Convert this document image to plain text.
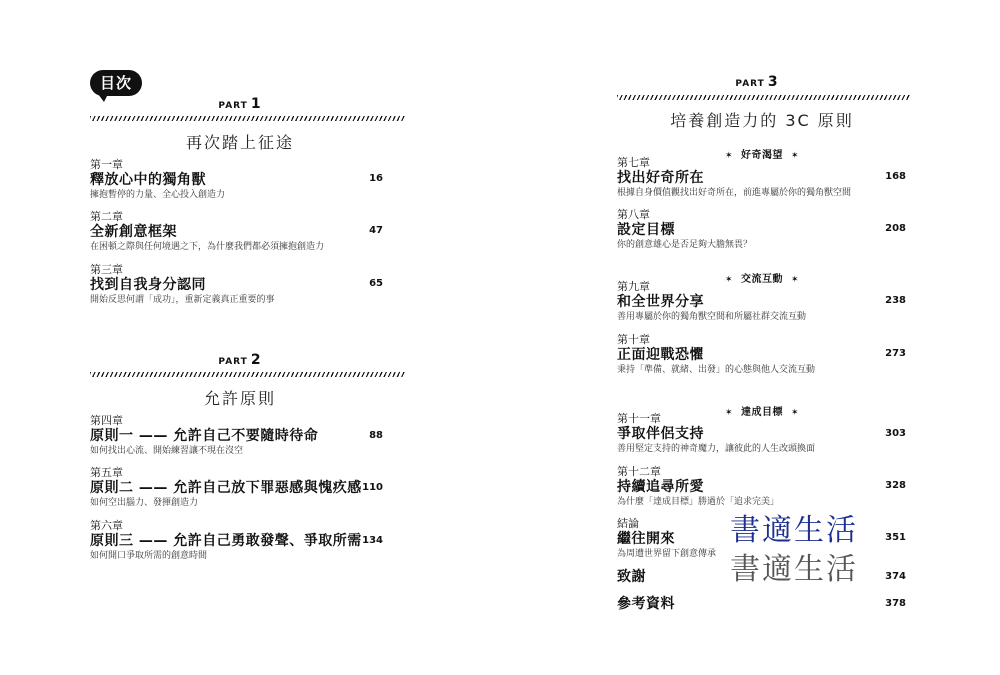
目次
PART 1
再次踏上征途
第一章
釋放心中的獨角獸
擁抱暫停的力量、全心投入創造力
16
第二章
全新創意框架
在困頓之際與任何境遇之下，為什麼我們都必須擁抱創造力
47
第三章
找到自我身分認同
開始反思何謂「成功」，重新定義真正重要的事
65
PART 2
允許原則
第四章
原則一 —— 允許自己不要隨時待命
如何找出心流、開始練習讓不現在沒空
88
第五章
原則二 —— 允許自己放下罪惡感與愧疚感
如何空出腦力、發揮創造力
110
第六章
原則三 —— 允許自己勇敢發聲、爭取所需
如何開口爭取所需的創意時間
134
PART 3
培養創造力的 3C 原則
✶ 好奇渴望 ✶
第七章
找出好奇所在
根據自身價值觀找出好奇所在，前進專屬於你的獨角獸空間
168
第八章
設定目標
你的創意雄心是否足夠大膽無畏？
208
✶ 交流互動 ✶
第九章
和全世界分享
善用專屬於你的獨角獸空間和所屬社群交流互動
238
第十章
正面迎戰恐懼
秉持「準備、就緒、出發」的心態與他人交流互動
273
✶ 達成目標 ✶
第十一章
爭取伴侶支持
善用堅定支持的神奇魔力，讓彼此的人生改頭換面
303
第十二章
持續追尋所愛
為什麼「達成目標」勝過於「追求完美」
328
結論
繼往開來
為周遭世界留下創意傳承
351
致謝	374
參考資料	378
書適生活
書適生活
